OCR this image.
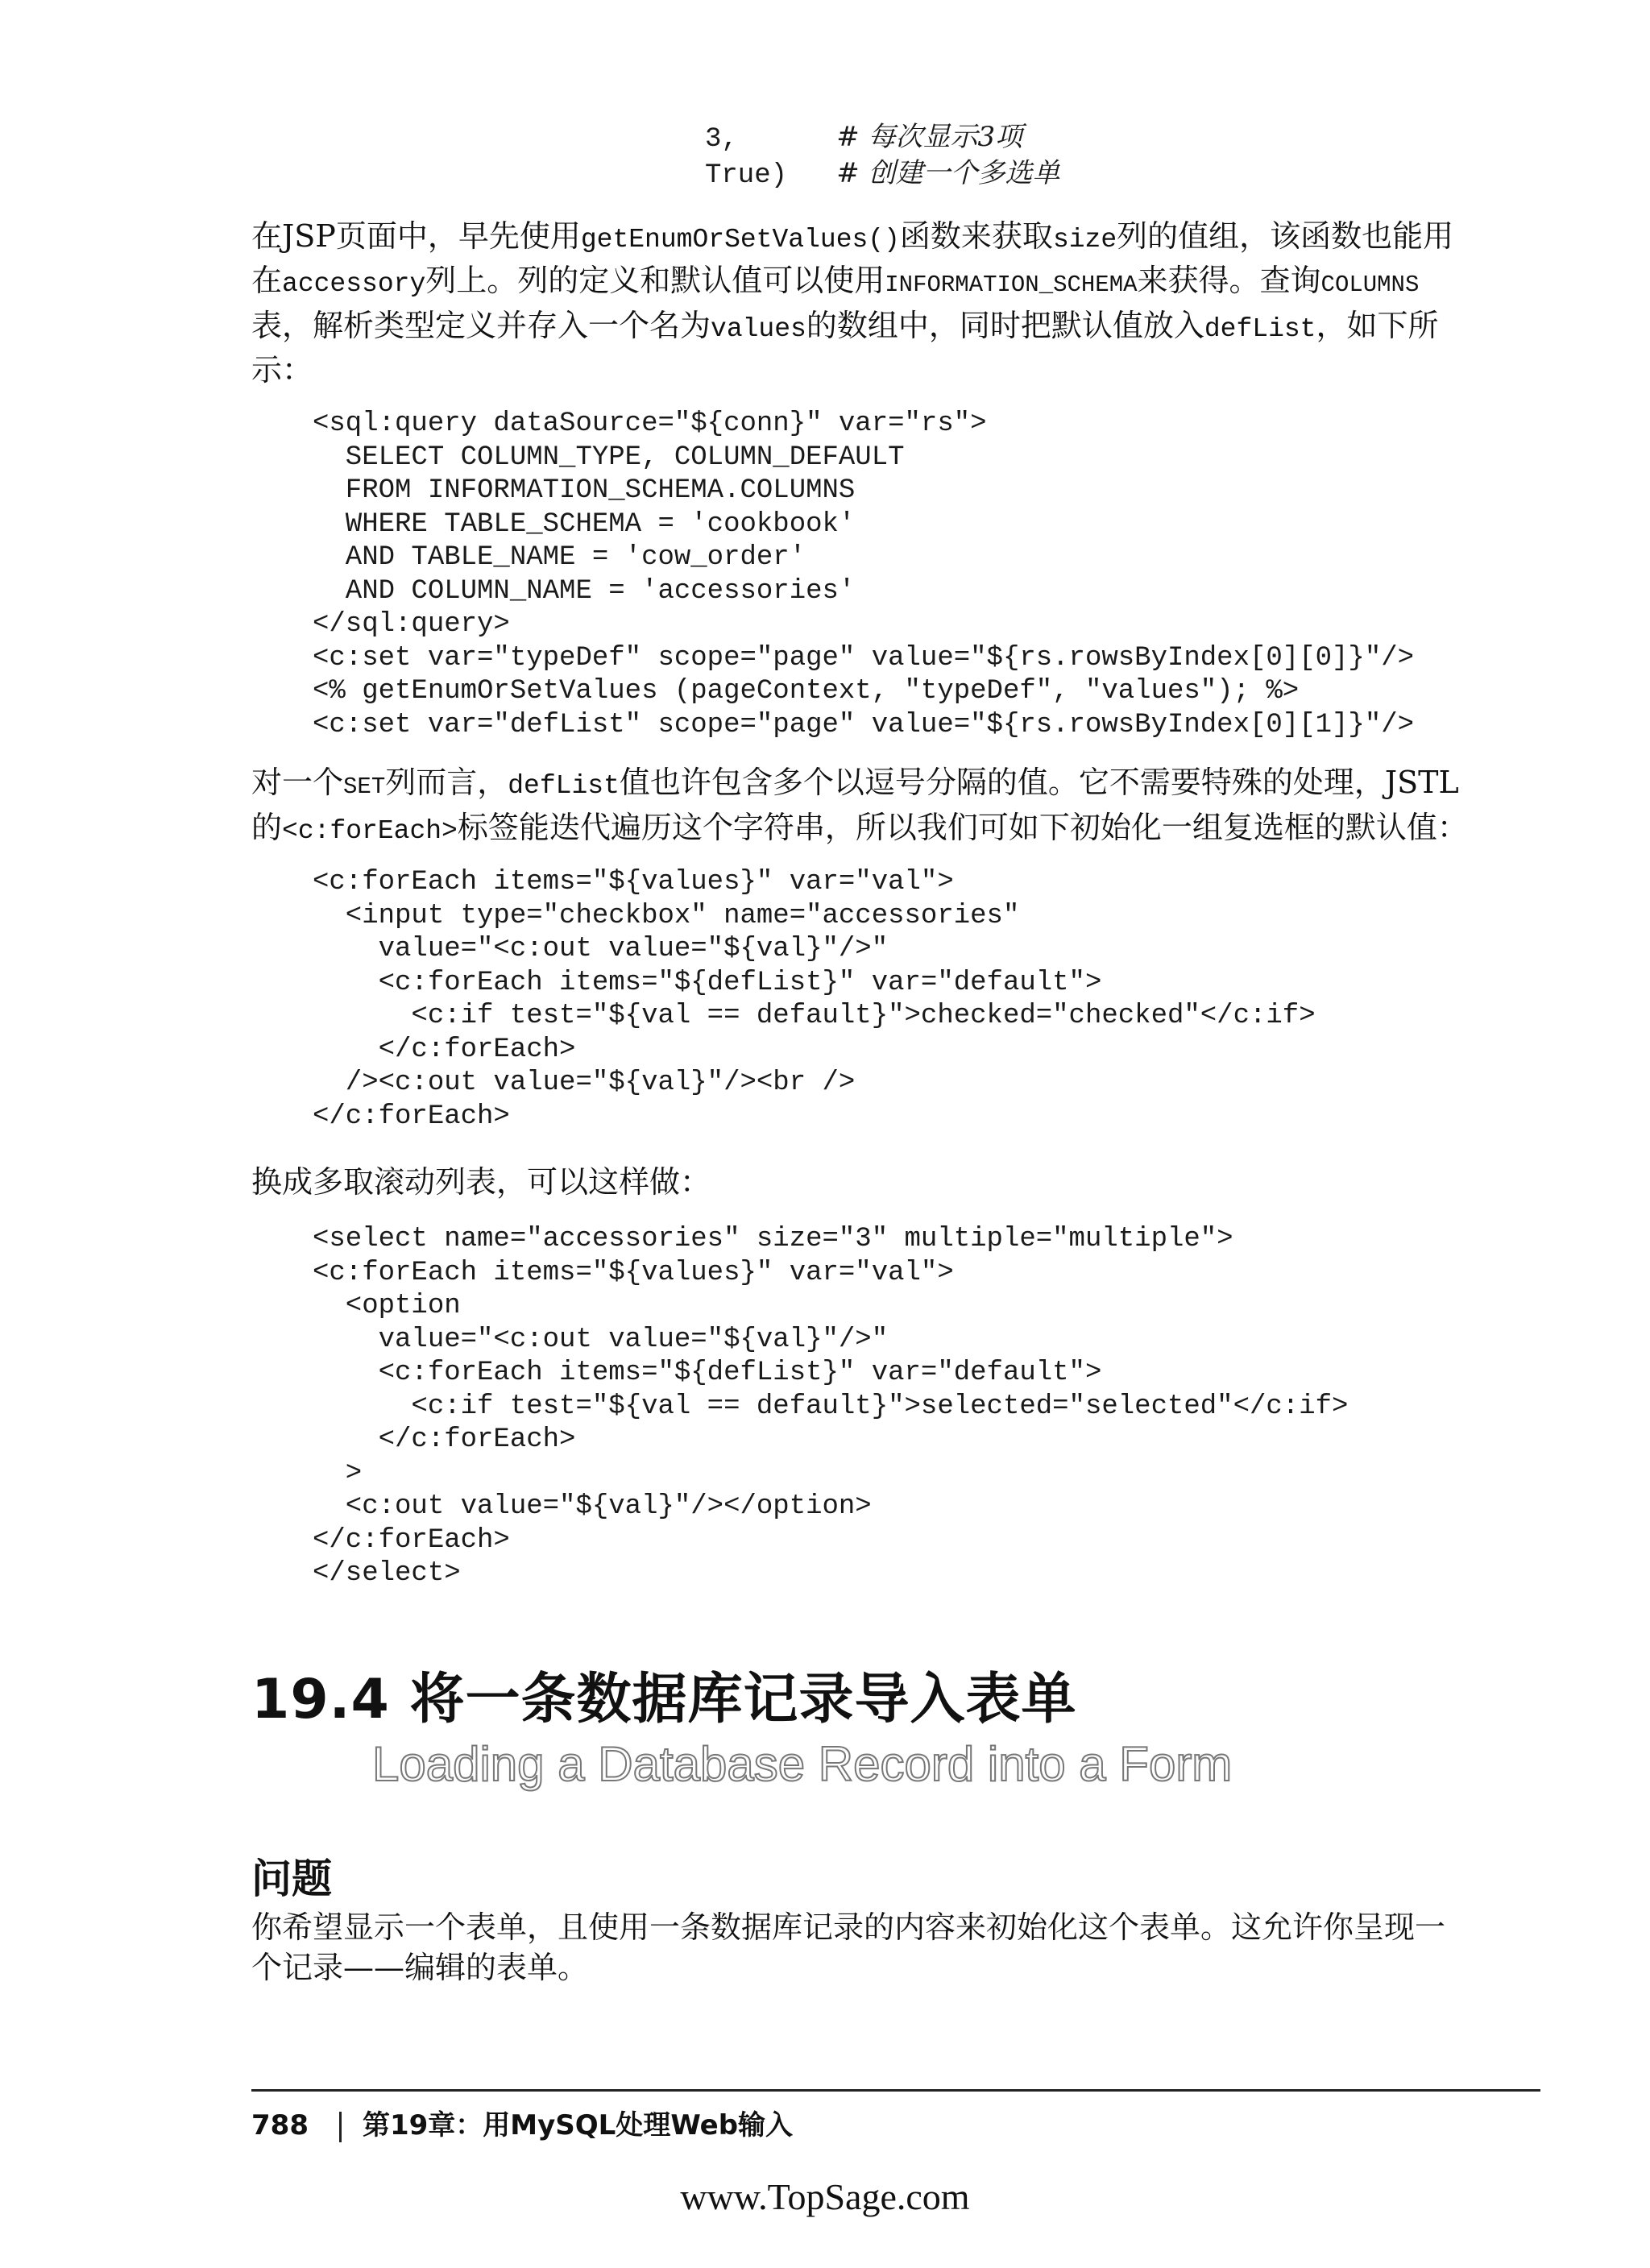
3,      # 每次显示3项
True)   # 创建一个多选单
在JSP页面中，早先使用getEnumOrSetValues()函数来获取size列的值组，该函数也能用
在accessory列上。列的定义和默认值可以使用INFORMATION_SCHEMA来获得。查询COLUMNS
表，解析类型定义并存入一个名为values的数组中，同时把默认值放入defList，如下所
示：
<sql:query dataSource="${conn}" var="rs">
SELECT COLUMN_TYPE, COLUMN_DEFAULT
FROM INFORMATION_SCHEMA.COLUMNS
WHERE TABLE_SCHEMA = 'cookbook'
AND TABLE_NAME = 'cow_order'
AND COLUMN_NAME = 'accessories'
</sql:query>
<c:set var="typeDef" scope="page" value="${rs.rowsByIndex[0][0]}"/>
<% getEnumOrSetValues (pageContext, "typeDef", "values"); %>
<c:set var="defList" scope="page" value="${rs.rowsByIndex[0][1]}"/>
对一个SET列而言，defList值也许包含多个以逗号分隔的值。它不需要特殊的处理，JSTL
的<c:forEach>标签能迭代遍历这个字符串，所以我们可如下初始化一组复选框的默认值：
<c:forEach items="${values}" var="val">
<input type="checkbox" name="accessories"
value="<c:out value="${val}"/>"
<c:forEach items="${defList}" var="default">
<c:if test="${val == default}">checked="checked"</c:if>
</c:forEach>
/><c:out value="${val}"/><br />
</c:forEach>
换成多取滚动列表，可以这样做：
<select name="accessories" size="3" multiple="multiple">
<c:forEach items="${values}" var="val">
<option
value="<c:out value="${val}"/>"
<c:forEach items="${defList}" var="default">
<c:if test="${val == default}">selected="selected"</c:if>
</c:forEach>
>
<c:out value="${val}"/></option>
</c:forEach>
</select>
19.4 将一条数据库记录导入表单
Loading a Database Record into a Form
问题
你希望显示一个表单，且使用一条数据库记录的内容来初始化这个表单。这允许你呈现一
个记录——编辑的表单。
788 第19章：用MySQL处理Web输入
www.TopSage.com
